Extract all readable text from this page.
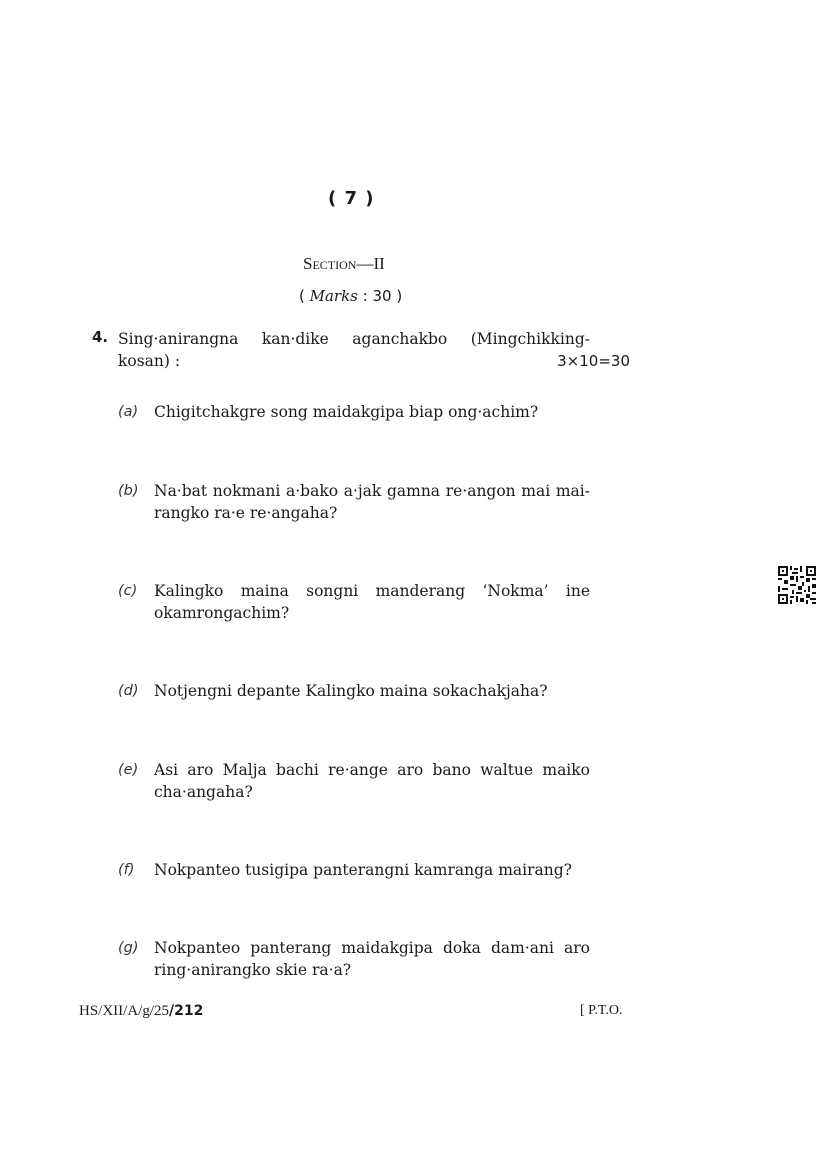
( 7 )
Section—II
( Marks : 30 )
4. Sing·anirangna kan·dike aganchakbo (Mingchikking-
kosan) :	3×10=30
(a) Chigitchakgre song maidakgipa biap ong·achim?
(b) Na·bat nokmani a·bako a·jak gamna re·angon mai mai- rangko ra·e re·angaha?
(c) Kalingko maina songni manderang ‘Nokma’ ine okamrongachim?
(d) Notjengni depante Kalingko maina sokachakjaha?
(e) Asi aro Malja bachi re·ange aro bano waltue maiko cha·angaha?
(f) Nokpanteo tusigipa panterangni kamranga mairang?
(g) Nokpanteo panterang maidakgipa doka dam·ani aro ring·anirangko skie ra·a?
HS/XII/A/g/25/212	[ P.T.O.
